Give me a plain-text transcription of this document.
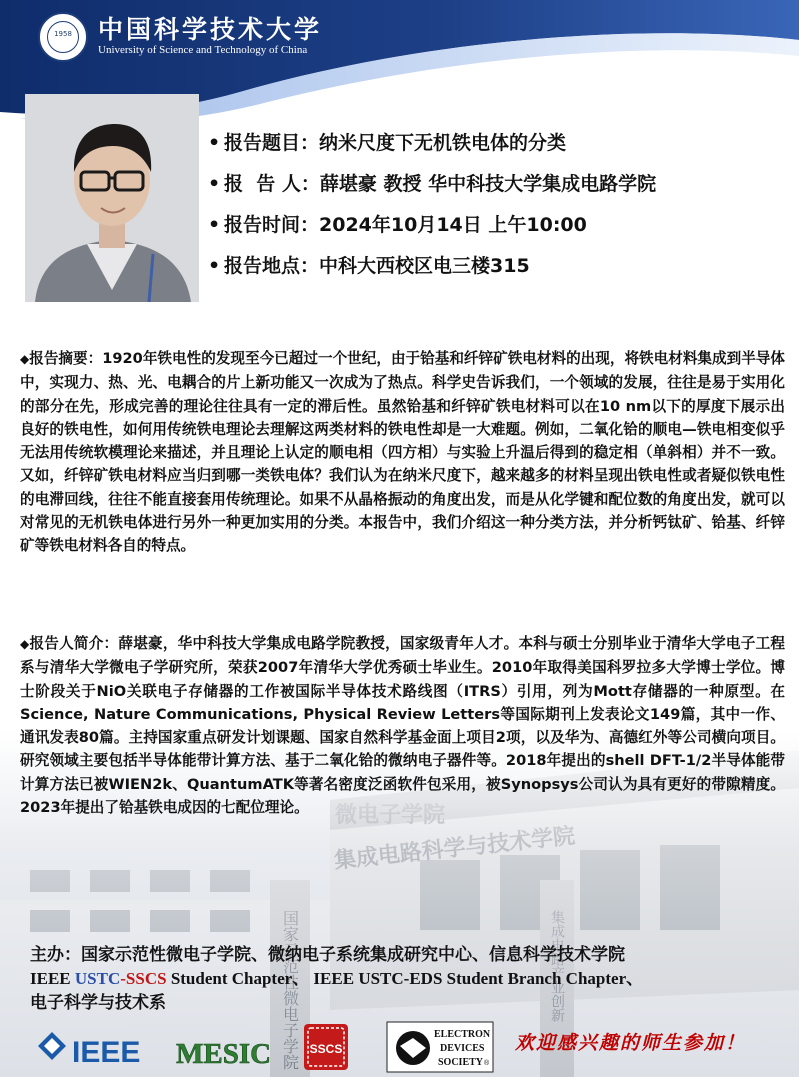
1958	中国科学技术大学
University of Science and Technology of China
• 报告题目：纳米尺度下无机铁电体的分类
• 报  告 人：薛堪豪 教授 华中科技大学集成电路学院
• 报告时间：2024年10月14日 上午10:00
• 报告地点：中科大西校区电三楼315
◆报告摘要：1920年铁电性的发现至今已超过一个世纪，由于铪基和纤锌矿铁电材料的出现，将铁电材料集成到半导体中，实现力、热、光、电耦合的片上新功能又一次成为了热点。科学史告诉我们，一个领域的发展，往往是易于实用化的部分在先，形成完善的理论往往具有一定的滞后性。虽然铪基和纤锌矿铁电材料可以在10 nm以下的厚度下展示出良好的铁电性，如何用传统铁电理论去理解这两类材料的铁电性却是一大难题。例如，二氧化铪的顺电—铁电相变似乎无法用传统软模理论来描述，并且理论上认定的顺电相（四方相）与实验上升温后得到的稳定相（单斜相）并不一致。又如，纤锌矿铁电材料应当归到哪一类铁电体？我们认为在纳米尺度下，越来越多的材料呈现出铁电性或者疑似铁电性的电滞回线，往往不能直接套用传统理论。如果不从晶格振动的角度出发，而是从化学键和配位数的角度出发，就可以对常见的无机铁电体进行另外一种更加实用的分类。本报告中，我们介绍这一种分类方法，并分析钙钛矿、铪基、纤锌矿等铁电材料各自的特点。
◆报告人简介：薛堪豪，华中科技大学集成电路学院教授，国家级青年人才。本科与硕士分别毕业于清华大学电子工程系与清华大学微电子学研究所，荣获2007年清华大学优秀硕士毕业生。2010年取得美国科罗拉多大学博士学位。博士阶段关于NiO关联电子存储器的工作被国际半导体技术路线图（ITRS）引用，列为Mott存储器的一种原型。在Science, Nature Communications, Physical Review Letters等国际期刊上发表论文149篇，其中一作、通讯发表80篇。主持国家重点研发计划课题、国家自然科学基金面上项目2项，以及华为、高德红外等公司横向项目。研究领域主要包括半导体能带计算方法、基于二氧化铪的微纳电子器件等。2018年提出的shell DFT-1/2半导体能带计算方法已被WIEN2k、QuantumATK等著名密度泛函软件包采用，被Synopsys公司认为具有更好的带隙精度。2023年提出了铪基铁电成因的七配位理论。
主办：国家示范性微电子学院、微纳电子系统集成研究中心、信息科学技术学院
IEEE USTC-SSCS Student Chapter、 IEEE USTC-EDS Student Branch Chapter、
电子科学与技术系
IEEE MESIC	SSCS
ELECTRON
DEVICES
SOCIETY ®
欢迎感兴趣的师生参加！
